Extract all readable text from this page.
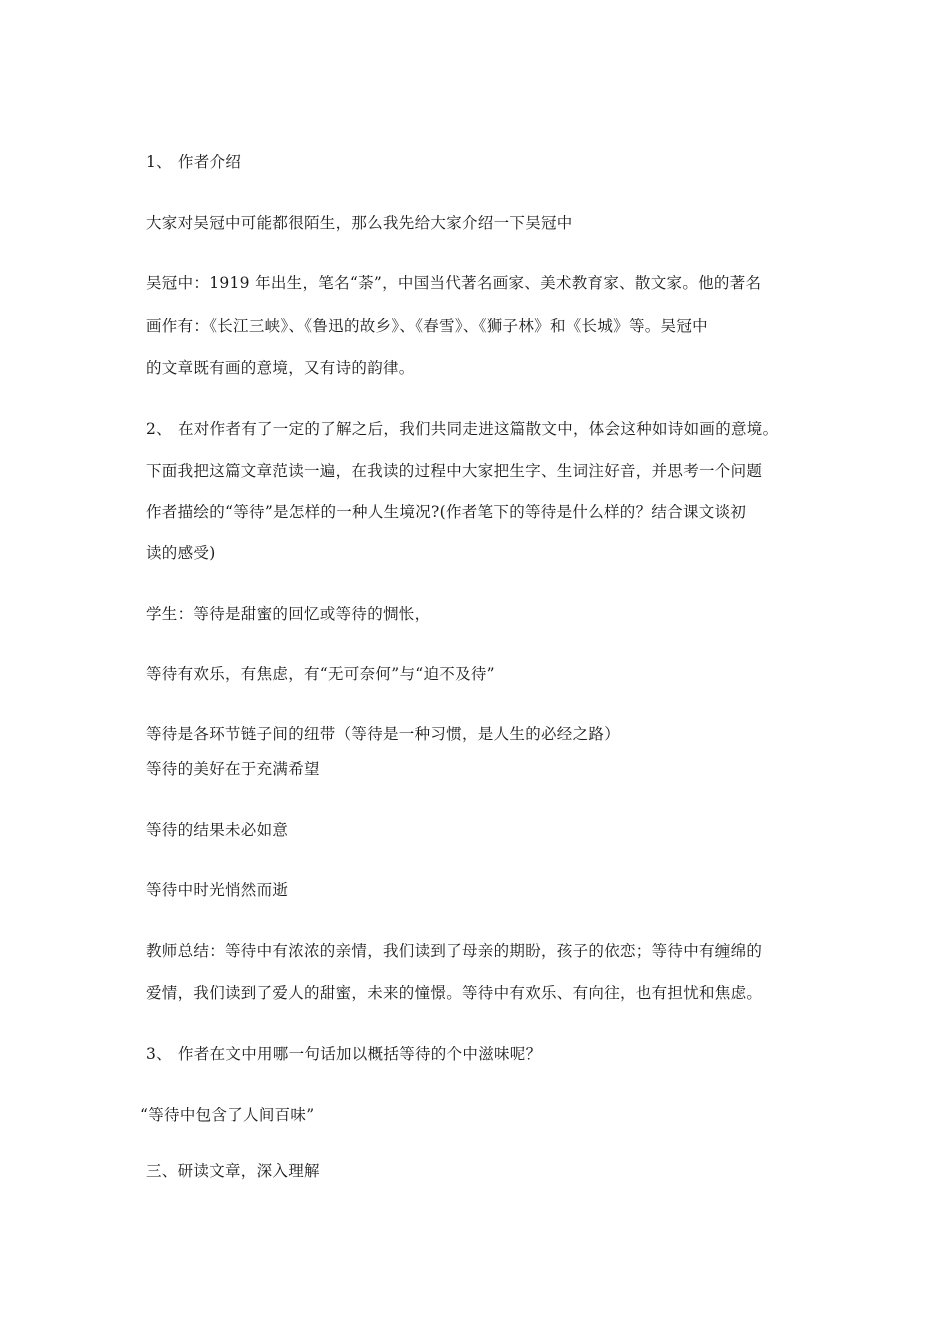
1、 作者介绍
大家对吴冠中可能都很陌生，那么我先给大家介绍一下吴冠中
吴冠中：1919 年出生，笔名“荼”，中国当代著名画家、美术教育家、散文家。他的著名
画作有：《长江三峡》、《鲁迅的故乡》、《春雪》、《狮子林》和《长城》等。吴冠中
的文章既有画的意境，又有诗的韵律。
2、 在对作者有了一定的了解之后，我们共同走进这篇散文中，体会这种如诗如画的意境。
下面我把这篇文章范读一遍，在我读的过程中大家把生字、生词注好音，并思考一个问题
作者描绘的“等待”是怎样的一种人生境况?(作者笔下的等待是什么样的？结合课文谈初
读的感受)
学生：等待是甜蜜的回忆或等待的惆怅，
等待有欢乐，有焦虑，有“无可奈何”与“迫不及待”
等待是各环节链子间的纽带（等待是一种习惯，是人生的必经之路）
等待的美好在于充满希望
等待的结果未必如意
等待中时光悄然而逝
教师总结：等待中有浓浓的亲情，我们读到了母亲的期盼，孩子的依恋；等待中有缠绵的
爱情，我们读到了爱人的甜蜜，未来的憧憬。等待中有欢乐、有向往，也有担忧和焦虑。
3、 作者在文中用哪一句话加以概括等待的个中滋味呢？
“等待中包含了人间百味”
三、研读文章，深入理解
